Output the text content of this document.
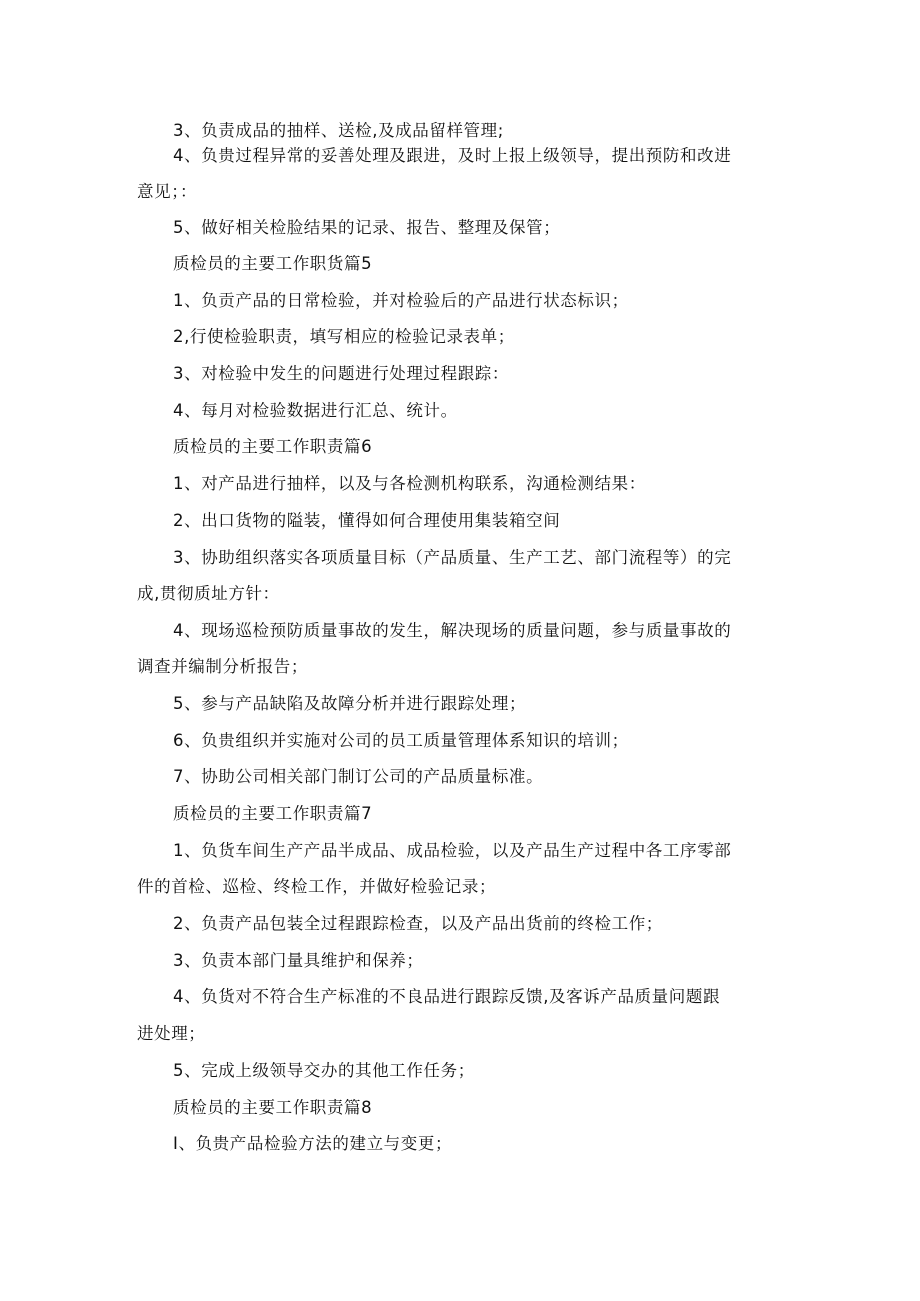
3、负责成品的抽样、送检,及成品留样管理;
4、负贵过程异常的妥善处理及跟进，及时上报上级领导，提出预防和改进
意见；：
5、做好相关检脸结果的记录、报告、整理及保管；
质检员的主要工作职货篇5
1、负贡产品的日常检验，并对检验后的产品进行状态标识；
2,行使检验职责，填写相应的检验记录表单；
3、对检验中发生的问题进行处理过程跟踪：
4、每月对检验数据进行汇总、统计。
质检员的主要工作职责篇6
1、对产品进行抽样，以及与各检测机构联系，沟通检测结果：
2、出口货物的隘装，懂得如何合理使用集装箱空间
3、协助组织落实各项质量目标（产品质量、生产工艺、部门流程等）的完
成,贯彻质址方针：
4、现场巡检预防质量事故的发生，解决现场的质量问题，参与质量事故的
调查并编制分析报告；
5、参与产品缺陷及故障分析并进行跟踪处理；
6、负贵组织并实施对公司的员工质量管理体系知识的培训；
7、协助公司相关部门制订公司的产品质量标准。
质检员的主要工作职责篇7
1、负货车间生产产品半成品、成品检验，以及产品生产过程中各工序零部
件的首检、巡检、终检工作，并做好检验记录；
2、负责产品包装全过程跟踪检查，以及产品出货前的终检工作；
3、负责本部门量具维护和保养；
4、负货对不符合生产标准的不良品进行跟踪反馈,及客诉产品质量问题跟
进处理；
5、完成上级领导交办的其他工作任务；
质检员的主要工作职责篇8
I、负贵产品检验方法的建立与变更；
